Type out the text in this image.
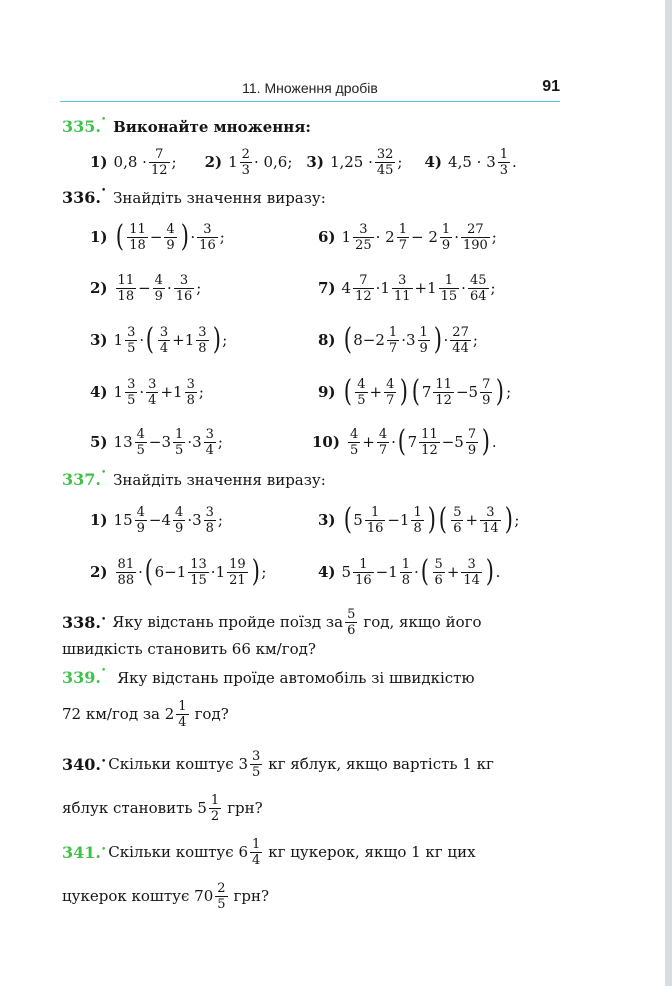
11. Множення дробів	91
335.• Виконайте множення:
1) 0,8 · 7
12 ; 2) 1 2
3 · 0,6; 3) 1,25 · 32
45 ; 4) 4,5 · 3 1
3 .
336.• Знайдіть значення виразу:
1) ( 11
18 − 4
9 ) · 3
16 ;
2) 11
18 − 4
9 · 3
16 ;
3) 1 3
5 · ( 3
4 +1 3
8 ) ;
4) 1 3
5 · 3
4 +1 3
8 ;
5) 13 4
5 −3 1
5 ·3 3
4 ;
6) 1 3
25 · 2 1
7 − 2 1
9 · 27
190 ;
7) 4 7
12 ·1 3
11 +1 1
15 · 45
64 ;
8) ( 8−2 1
7 ·3 1
9 ) · 27
44 ;
9) ( 4
5 + 4
7 ) ( 7 11
12 −5 7
9 ) ;
10) 4
5 + 4
7 · ( 7 11
12 −5 7
9 ) .
337.• Знайдіть значення виразу:
1) 15 4
9 −4 4
9 ·3 3
8 ;
2) 81
88 · ( 6−1 13
15 ·1 19
21 ) ;
3) ( 5 1
16 −1 1
8 ) ( 5
6 + 3
14 ) ;
4) 5 1
16 −1 1
8 · ( 5
6 + 3
14 ) .
338.• Яку відстань пройде поїзд за 5
6 год, якщо його
швидкість становить 66 км/год?
339.• Яку відстань проїде автомобіль зі швидкістю
72 км/год за
2 1
4 год?
340.• Скільки коштує
3 3
5 кг яблук, якщо вартість 1 кг
яблук становить
5 1
2 грн?
341.• Скільки коштує
6 1
4 кг цукерок, якщо 1 кг цих
цукерок коштує
70 2
5 грн?
